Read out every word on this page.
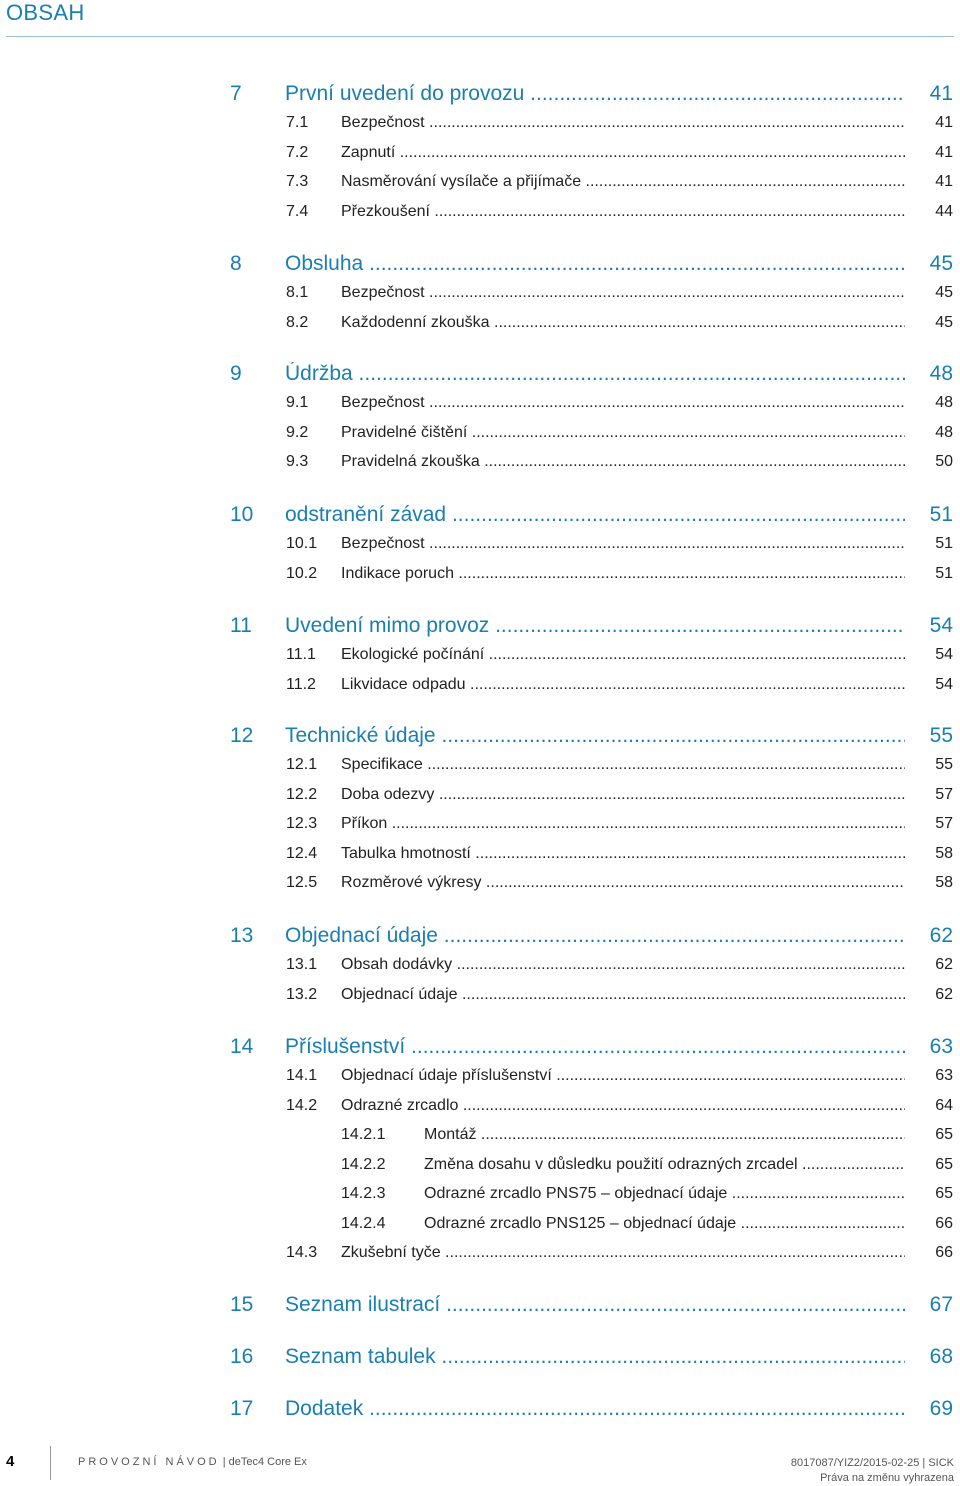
OBSAH
7 První uvedení do provozu .....	41
7.1 Bezpečnost .....	41
7.2 Zapnutí .....	41
7.3 Nasměrování vysílače a přijímače .....	41
7.4 Přezkoušení .....	44
8 Obsluha .....	45
8.1 Bezpečnost .....	45
8.2 Každodenní zkouška .....	45
9 Údržba .....	48
9.1 Bezpečnost .....	48
9.2 Pravidelné čištění .....	48
9.3 Pravidelná zkouška .....	50
10 odstranění závad .....	51
10.1 Bezpečnost .....	51
10.2 Indikace poruch .....	51
11 Uvedení mimo provoz .....	54
11.1 Ekologické počínání .....	54
11.2 Likvidace odpadu .....	54
12 Technické údaje .....	55
12.1 Specifikace .....	55
12.2 Doba odezvy .....	57
12.3 Příkon .....	57
12.4 Tabulka hmotností .....	58
12.5 Rozměrové výkresy .....	58
13 Objednací údaje .....	62
13.1 Obsah dodávky .....	62
13.2 Objednací údaje .....	62
14 Příslušenství .....	63
14.1 Objednací údaje příslušenství .....	63
14.2 Odrazné zrcadlo .....	64
14.2.1 Montáž .....	65
14.2.2 Změna dosahu v důsledku použití odrazných zrcadel .....	65
14.2.3 Odrazné zrcadlo PNS75 – objednací údaje .....	65
14.2.4 Odrazné zrcadlo PNS125 – objednací údaje .....	66
14.3 Zkušební tyče .....	66
15 Seznam ilustrací .....	67
16 Seznam tabulek .....	68
17 Dodatek .....	69
4	PROVOZNÍ NÁVOD | deTec4 Core Ex	8017087/YIZ2/2015-02-25 | SICK
Práva na změnu vyhrazena
